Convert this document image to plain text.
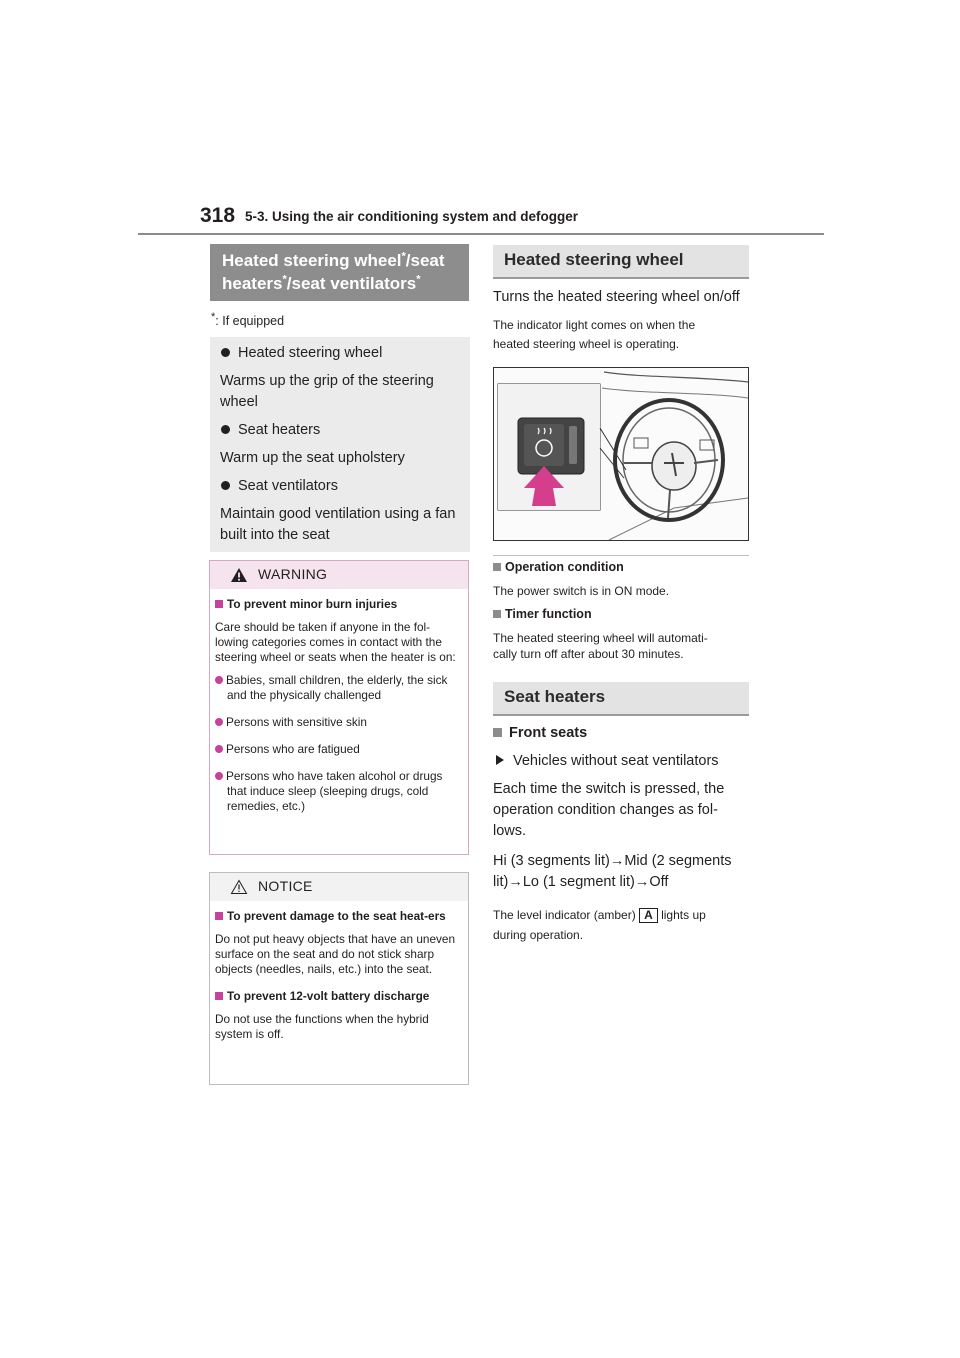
318 5-3. Using the air conditioning system and defogger
Heated steering wheel*/seat heaters*/seat ventilators*
*: If equipped
Heated steering wheel
Warms up the grip of the steering wheel
Seat heaters
Warm up the seat upholstery
Seat ventilators
Maintain good ventilation using a fan built into the seat
WARNING
To prevent minor burn injuries
Care should be taken if anyone in the fol-lowing categories comes in contact with the steering wheel or seats when the heater is on:
Babies, small children, the elderly, the sick and the physically challenged
Persons with sensitive skin
Persons who are fatigued
Persons who have taken alcohol or drugs that induce sleep (sleeping drugs, cold remedies, etc.)
NOTICE
To prevent damage to the seat heat-ers
Do not put heavy objects that have an uneven surface on the seat and do not stick sharp objects (needles, nails, etc.) into the seat.
To prevent 12-volt battery discharge
Do not use the functions when the hybrid system is off.
Heated steering wheel
Turns the heated steering wheel on/off
The indicator light comes on when the heated steering wheel is operating.
Operation condition
The power switch is in ON mode.
Timer function
The heated steering wheel will automati-cally turn off after about 30 minutes.
Seat heaters
Front seats
Vehicles without seat ventilators
Each time the switch is pressed, the operation condition changes as fol-lows.
Hi (3 segments lit)→Mid (2 segments lit)→Lo (1 segment lit)→Off
The level indicator (amber) A lights up during operation.
